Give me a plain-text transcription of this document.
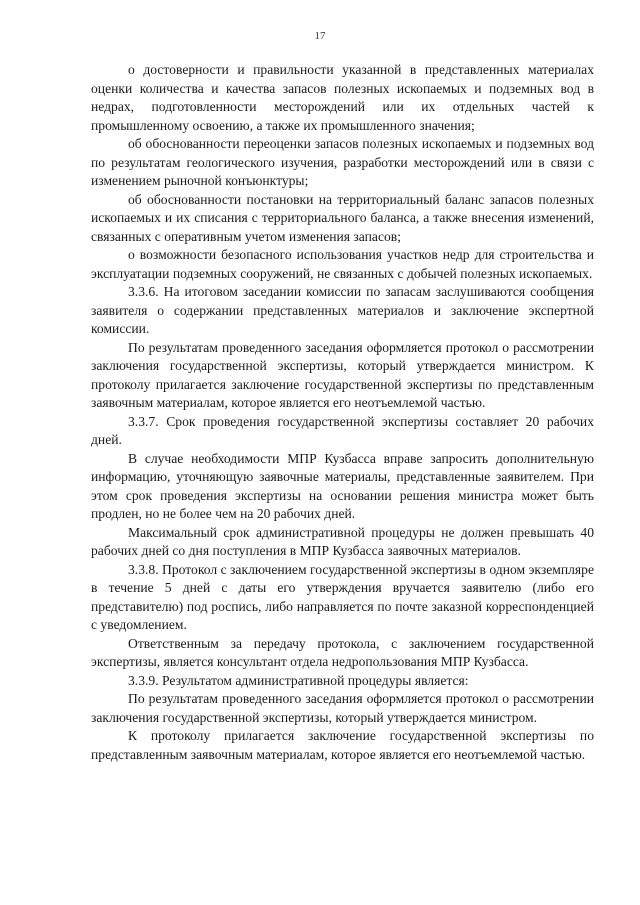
17

о достоверности и правильности указанной в представленных материалах оценки количества и качества запасов полезных ископаемых и подземных вод в недрах, подготовленности месторождений или их отдельных частей к промышленному освоению, а также их промышленного значения;

об обоснованности переоценки запасов полезных ископаемых и подземных вод по результатам геологического изучения, разработки месторождений или в связи с изменением рыночной конъюнктуры;

об обоснованности постановки на территориальный баланс запасов полезных ископаемых и их списания с территориального баланса, а также внесения изменений, связанных с оперативным учетом изменения запасов;

о возможности безопасного использования участков недр для строительства и эксплуатации подземных сооружений, не связанных с добычей полезных ископаемых.

3.3.6. На итоговом заседании комиссии по запасам заслушиваются сообщения заявителя о содержании представленных материалов и заключение экспертной комиссии.

По результатам проведенного заседания оформляется протокол о рассмотрении заключения государственной экспертизы, который утверждается министром. К протоколу прилагается заключение государственной экспертизы по представленным заявочным материалам, которое является его неотъемлемой частью.

3.3.7. Срок проведения государственной экспертизы составляет 20 рабочих дней.

В случае необходимости МПР Кузбасса вправе запросить дополнительную информацию, уточняющую заявочные материалы, представленные заявителем. При этом срок проведения экспертизы на основании решения министра может быть продлен, но не более чем на 20 рабочих дней.

Максимальный срок административной процедуры не должен превышать 40 рабочих дней со дня поступления в МПР Кузбасса заявочных материалов.

3.3.8. Протокол с заключением государственной экспертизы в одном экземпляре в течение 5 дней с даты его утверждения вручается заявителю (либо его представителю) под роспись, либо направляется по почте заказной корреспонденцией с уведомлением.

Ответственным за передачу протокола, с заключением государственной экспертизы, является консультант отдела недропользования МПР Кузбасса.

3.3.9. Результатом административной процедуры является:

По результатам проведенного заседания оформляется протокол о рассмотрении заключения государственной экспертизы, который утверждается министром.

К протоколу прилагается заключение государственной экспертизы по представленным заявочным материалам, которое является его неотъемлемой частью.
